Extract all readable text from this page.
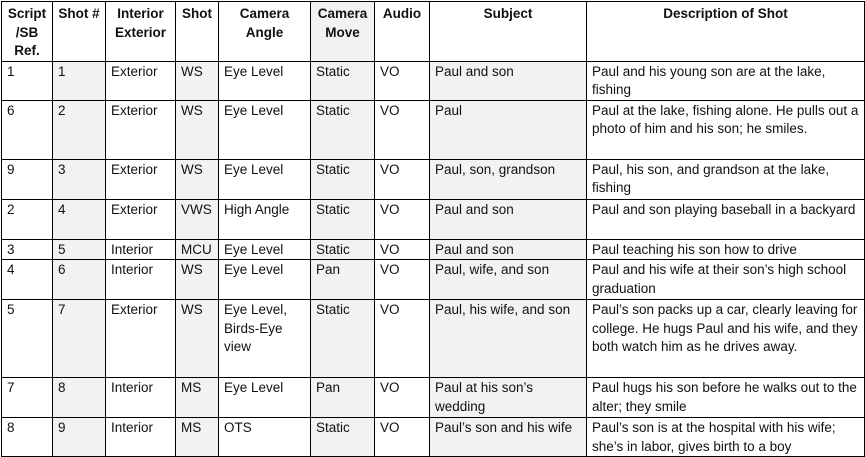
Script /SB Ref.	Shot #	Interior Exterior	Shot	Camera Angle	Camera Move	Audio	Subject	Description of Shot
1	1	Exterior	WS	Eye Level	Static	VO	Paul and son	Paul and his young son are at the lake, fishing
6	2	Exterior	WS	Eye Level	Static	VO	Paul	Paul at the lake, fishing alone. He pulls out a photo of him and his son; he smiles.
9	3	Exterior	WS	Eye Level	Static	VO	Paul, son, grandson	Paul, his son, and grandson at the lake, fishing
2	4	Exterior	VWS	High Angle	Static	VO	Paul and son	Paul and son playing baseball in a backyard
3	5	Interior	MCU	Eye Level	Static	VO	Paul and son	Paul teaching his son how to drive
4	6	Interior	WS	Eye Level	Pan	VO	Paul, wife, and son	Paul and his wife at their son’s high school graduation
5	7	Exterior	WS	Eye Level, Birds-Eye view	Static	VO	Paul, his wife, and son	Paul’s son packs up a car, clearly leaving for college. He hugs Paul and his wife, and they both watch him as he drives away.
7	8	Interior	MS	Eye Level	Pan	VO	Paul at his son’s wedding	Paul hugs his son before he walks out to the alter; they smile
8	9	Interior	MS	OTS	Static	VO	Paul’s son and his wife	Paul’s son is at the hospital with his wife; she’s in labor, gives birth to a boy
